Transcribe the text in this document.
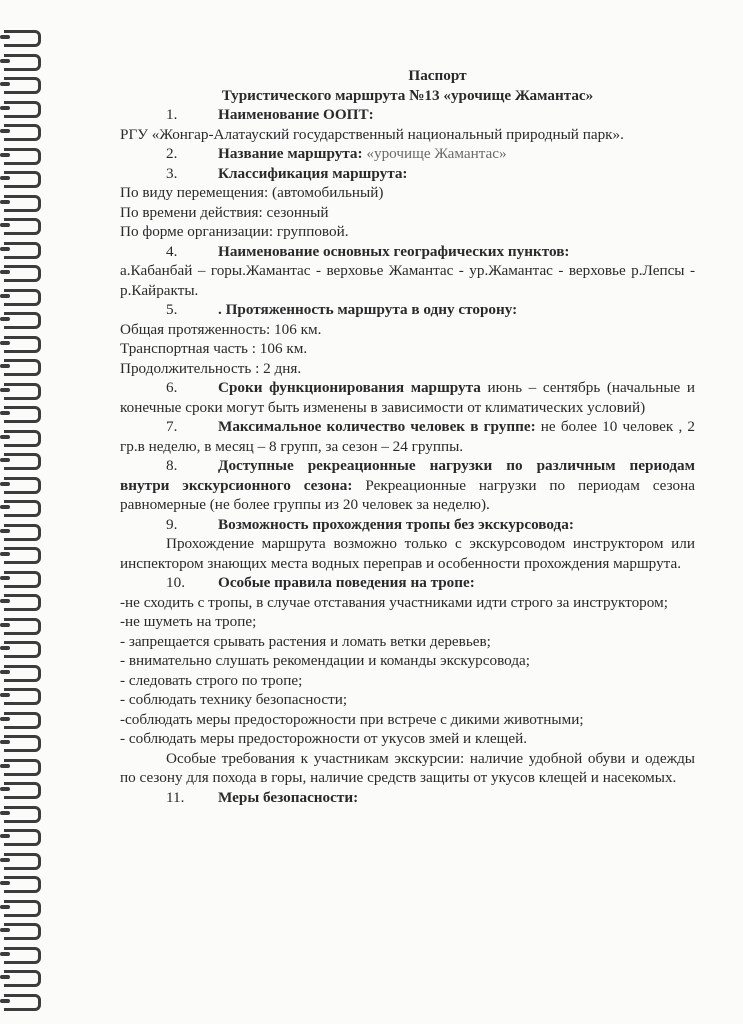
Паспорт

Туристического маршрута №13 «урочище Жамантас»

1.	Наименование ООПТ:

РГУ «Жонгар-Алатауский государственный национальный природный парк».

2.	Название маршрута: «урочище Жамантас»

3.	Классификация маршрута:

По виду перемещения: (автомобильный)

По времени действия: сезонный

По форме организации: групповой.

4.	Наименование основных географических пунктов:

а.Кабанбай – горы.Жамантас - верховье Жамантас - ур.Жамантас - верховье р.Лепсы - р.Кайракты.

5.	. Протяженность маршрута в одну сторону:

Общая протяженность: 106 км.

Транспортная часть : 106 км.

Продолжительность : 2 дня.

6.	Сроки функционирования маршрута июнь – сентябрь (начальные и конечные сроки могут быть изменены в зависимости от климатических условий)

7.	Максимальное количество человек в группе: не более 10 человек , 2 гр.в неделю, в месяц – 8 групп, за сезон – 24 группы.

8.	Доступные рекреационные нагрузки по различным периодам внутри экскурсионного сезона: Рекреационные нагрузки по периодам сезона равномерные (не более группы из 20 человек за неделю).

9.	Возможность прохождения тропы без экскурсовода:

Прохождение маршрута возможно только с экскурсоводом инструктором или инспектором знающих места водных переправ и особенности прохождения маршрута.

10. Особые правила поведения на тропе:

-не сходить с тропы, в случае отставания участниками идти строго за инструктором;

-не шуметь на тропе;

- запрещается срывать растения и ломать ветки деревьев;

- внимательно слушать рекомендации и команды экскурсовода;

- следовать строго по тропе;

- соблюдать технику безопасности;

-соблюдать меры предосторожности при встрече с дикими животными;

- соблюдать меры предосторожности от укусов змей и клещей.

Особые требования к участникам экскурсии: наличие удобной обуви и одежды по сезону для похода в горы, наличие средств защиты от укусов клещей и насекомых.

11. Меры безопасности:
